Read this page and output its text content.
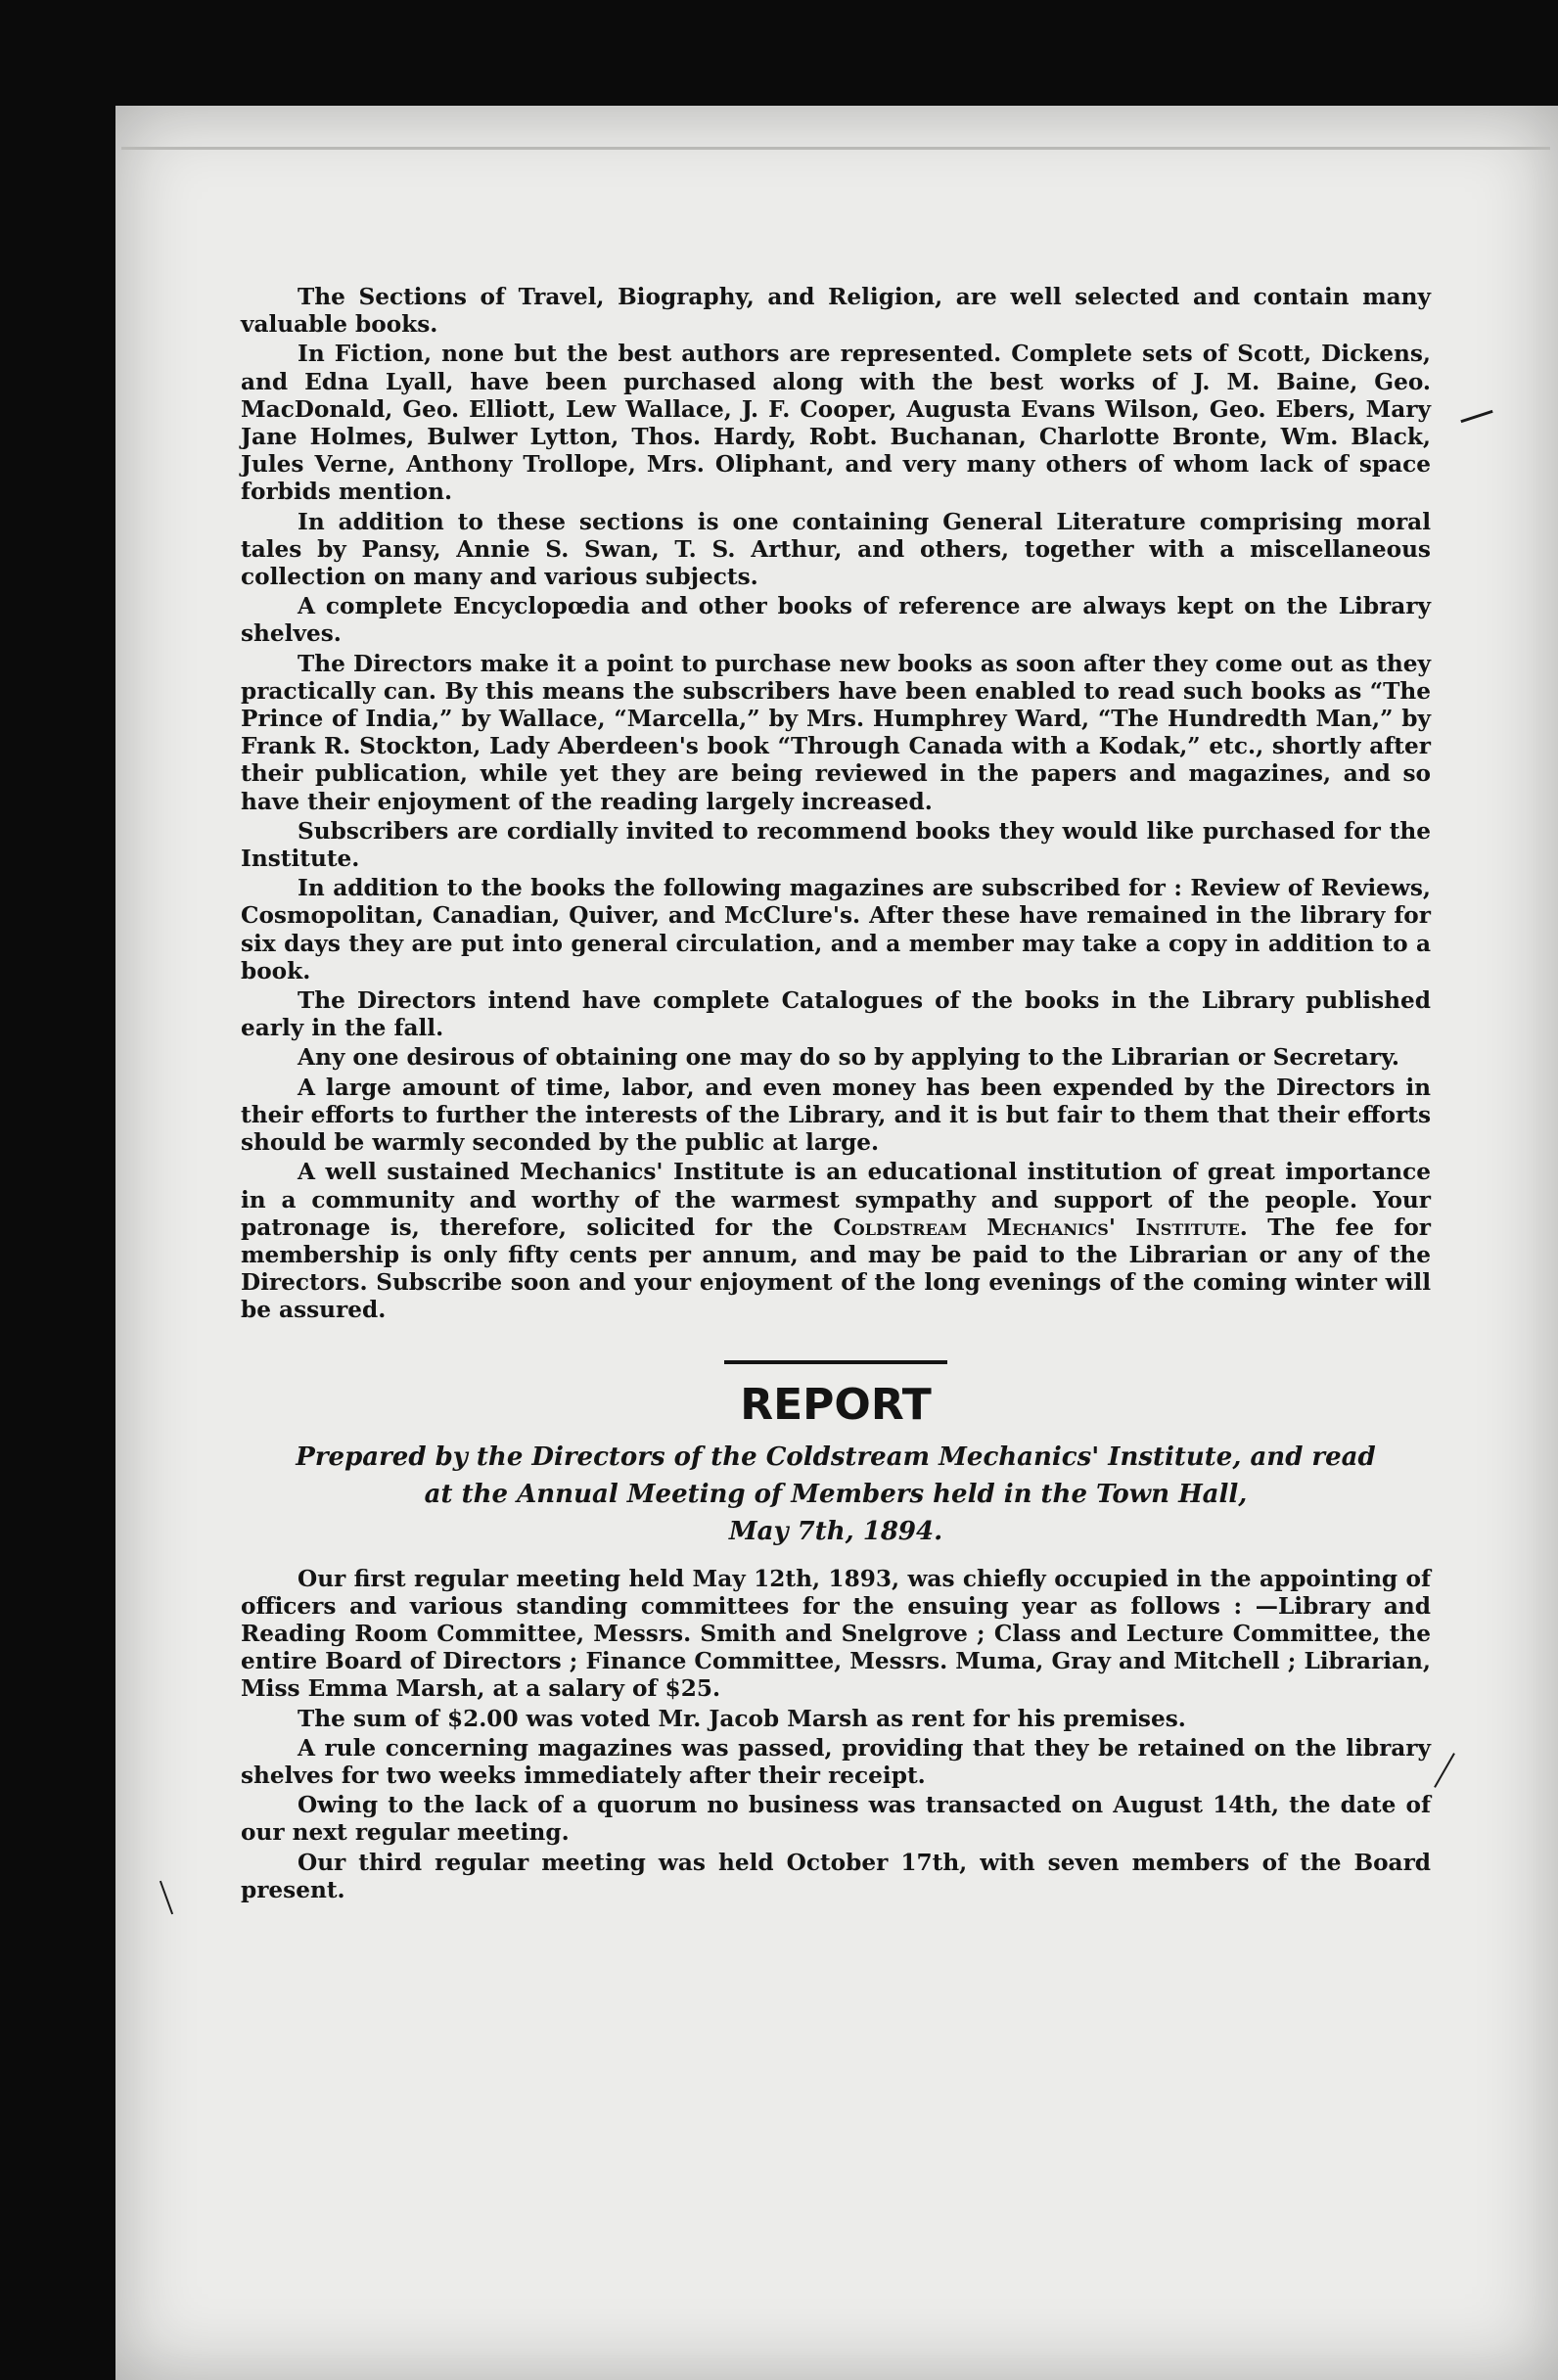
The Sections of Travel, Biography, and Religion, are well selected and contain many valuable books.

In Fiction, none but the best authors are represented. Complete sets of Scott, Dickens, and Edna Lyall, have been purchased along with the best works of J. M. Baine, Geo. MacDonald, Geo. Elliott, Lew Wallace, J. F. Cooper, Augusta Evans Wilson, Geo. Ebers, Mary Jane Holmes, Bulwer Lytton, Thos. Hardy, Robt. Buchanan, Charlotte Bronte, Wm. Black, Jules Verne, Anthony Trollope, Mrs. Oliphant, and very many others of whom lack of space forbids mention.

In addition to these sections is one containing General Literature comprising moral tales by Pansy, Annie S. Swan, T. S. Arthur, and others, together with a miscellaneous collection on many and various subjects.

A complete Encyclopœdia and other books of reference are always kept on the Library shelves.

The Directors make it a point to purchase new books as soon after they come out as they practically can. By this means the subscribers have been enabled to read such books as “The Prince of India,” by Wallace, “Marcella,” by Mrs. Humphrey Ward, “The Hundredth Man,” by Frank R. Stockton, Lady Aberdeen's book “Through Canada with a Kodak,” etc., shortly after their publication, while yet they are being reviewed in the papers and magazines, and so have their enjoyment of the reading largely increased.

Subscribers are cordially invited to recommend books they would like purchased for the Institute.

In addition to the books the following magazines are subscribed for : Review of Reviews, Cosmopolitan, Canadian, Quiver, and McClure's. After these have remained in the library for six days they are put into general circulation, and a member may take a copy in addition to a book.

The Directors intend have complete Catalogues of the books in the Library published early in the fall.

Any one desirous of obtaining one may do so by applying to the Librarian or Secretary.

A large amount of time, labor, and even money has been expended by the Directors in their efforts to further the interests of the Library, and it is but fair to them that their efforts should be warmly seconded by the public at large.

A well sustained Mechanics' Institute is an educational institution of great importance in a community and worthy of the warmest sympathy and support of the people. Your patronage is, therefore, solicited for the Coldstream Mechanics' Institute. The fee for membership is only fifty cents per annum, and may be paid to the Librarian or any of the Directors. Subscribe soon and your enjoyment of the long evenings of the coming winter will be assured.

REPORT
Prepared by the Directors of the Coldstream Mechanics' Institute, and read
at the Annual Meeting of Members held in the Town Hall,
May 7th, 1894.

Our first regular meeting held May 12th, 1893, was chiefly occupied in the appointing of officers and various standing committees for the ensuing year as follows : —Library and Reading Room Committee, Messrs. Smith and Snelgrove ; Class and Lecture Committee, the entire Board of Directors ; Finance Committee, Messrs. Muma, Gray and Mitchell ; Librarian, Miss Emma Marsh, at a salary of $25.

The sum of $2.00 was voted Mr. Jacob Marsh as rent for his premises.

A rule concerning magazines was passed, providing that they be retained on the library shelves for two weeks immediately after their receipt.

Owing to the lack of a quorum no business was transacted on August 14th, the date of our next regular meeting.

Our third regular meeting was held October 17th, with seven members of the Board present.
